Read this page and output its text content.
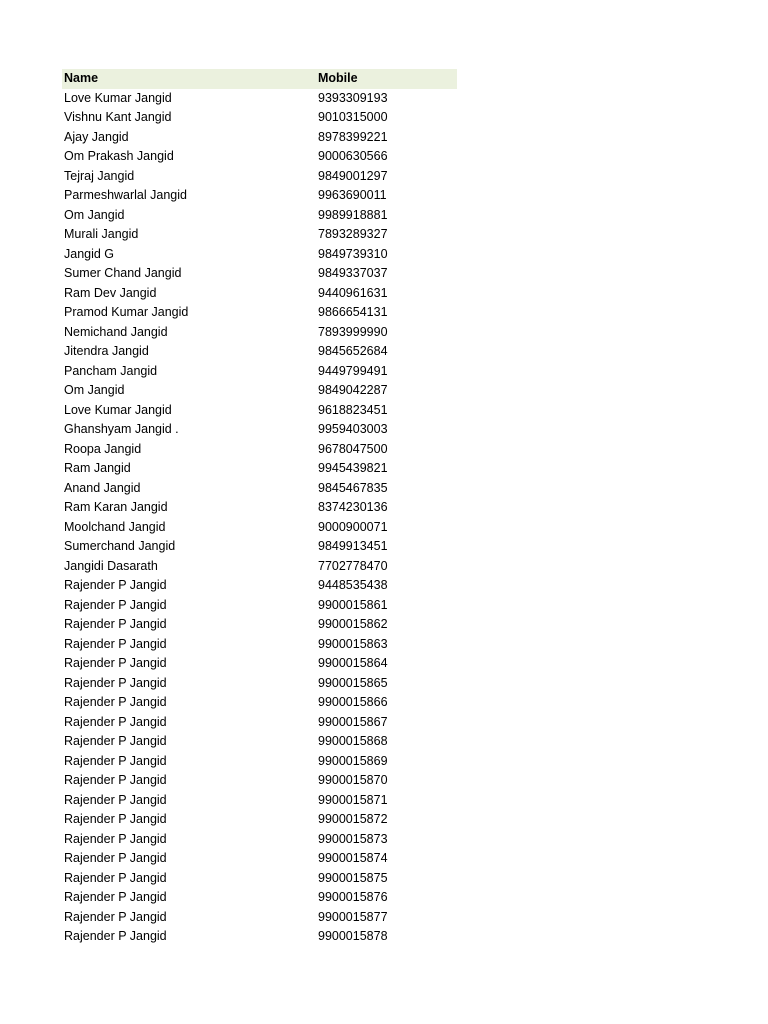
Name	Mobile
Love Kumar Jangid	9393309193
Vishnu Kant Jangid	9010315000
Ajay Jangid	8978399221
Om Prakash Jangid	9000630566
Tejraj Jangid	9849001297
Parmeshwarlal Jangid	9963690011
Om Jangid	9989918881
Murali Jangid	7893289327
Jangid G	9849739310
Sumer Chand Jangid	9849337037
Ram Dev Jangid	9440961631
Pramod Kumar Jangid	9866654131
Nemichand Jangid	7893999990
Jitendra Jangid	9845652684
Pancham Jangid	9449799491
Om Jangid	9849042287
Love Kumar Jangid	9618823451
Ghanshyam Jangid .	9959403003
Roopa Jangid	9678047500
Ram Jangid	9945439821
Anand Jangid	9845467835
Ram Karan Jangid	8374230136
Moolchand Jangid	9000900071
Sumerchand Jangid	9849913451
Jangidi Dasarath	7702778470
Rajender P Jangid	9448535438
Rajender P Jangid	9900015861
Rajender P Jangid	9900015862
Rajender P Jangid	9900015863
Rajender P Jangid	9900015864
Rajender P Jangid	9900015865
Rajender P Jangid	9900015866
Rajender P Jangid	9900015867
Rajender P Jangid	9900015868
Rajender P Jangid	9900015869
Rajender P Jangid	9900015870
Rajender P Jangid	9900015871
Rajender P Jangid	9900015872
Rajender P Jangid	9900015873
Rajender P Jangid	9900015874
Rajender P Jangid	9900015875
Rajender P Jangid	9900015876
Rajender P Jangid	9900015877
Rajender P Jangid	9900015878
